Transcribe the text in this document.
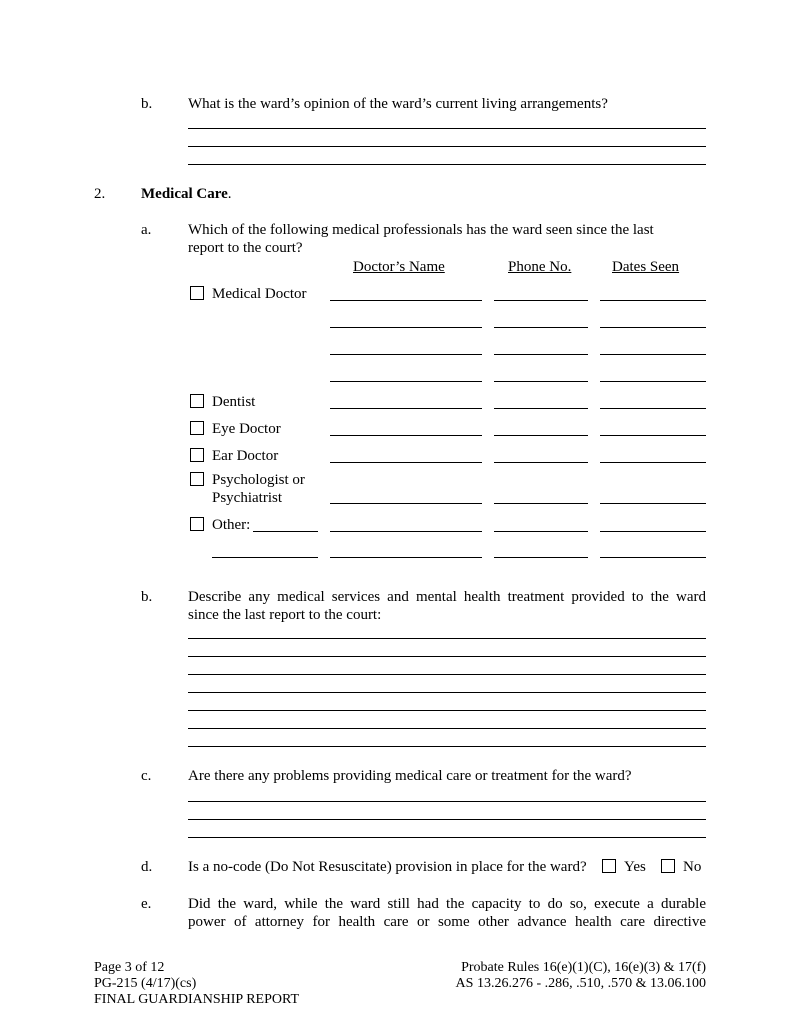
b. What is the ward’s opinion of the ward’s current living arrangements?
2. Medical Care.
a. Which of the following medical professionals has the ward seen since the last
report to the court?
Doctor’s Name	Phone No.	Dates Seen
Medical Doctor
Dentist
Eye Doctor
Ear Doctor
Psychologist or
Psychiatrist
Other:
b. Describe any medical services and mental health treatment provided to the ward
since the last report to the court:
c. Are there any problems providing medical care or treatment for the ward?
d. Is a no-code (Do Not Resuscitate) provision in place for the ward? Yes No
e. Did the ward, while the ward still had the capacity to do so, execute a durable
power of attorney for health care or some other advance health care directive
Page 3 of 12
PG-215 (4/17)(cs)
FINAL GUARDIANSHIP REPORT
Probate Rules 16(e)(1)(C), 16(e)(3) & 17(f)
AS 13.26.276 - .286, .510, .570 & 13.06.100
